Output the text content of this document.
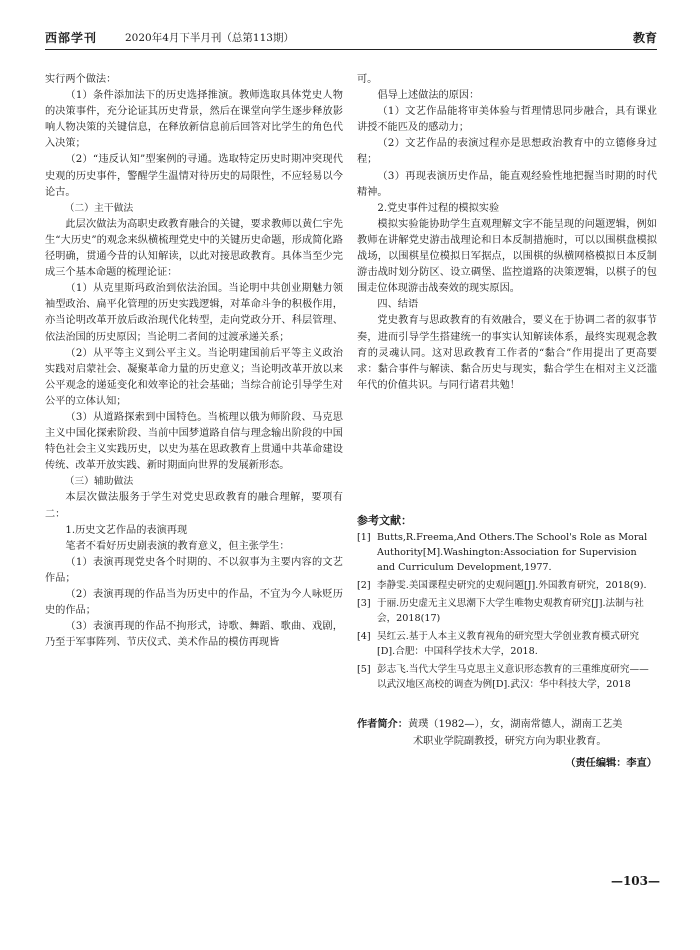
西部学刊	2020年4月下半月刊（总第113期）	教育

实行两个做法：

（1）条件添加法下的历史选择推演。教师选取具体党史人物的决策事件，充分论证其历史背景，然后在课堂向学生逐步释放影响人物决策的关键信息，在释放新信息前后回答对比学生的角色代入决策；

（2）“违反认知”型案例的寻通。选取特定历史时期冲突现代史观的历史事件，警醒学生温情对待历史的局限性，不应轻易以今论古。

（二）主干做法

此层次做法为高职史政教育融合的关键，要求教师以黄仁宇先生“大历史”的观念来纵横梳理党史中的关键历史命题，形成简化路径明确，贯通今昔的认知解读，以此对接思政教育。具体当至少完成三个基本命题的梳理论证：

（1）从克里斯玛政治到依法治国。当论明中共创业期魅力领袖型政治、扁平化管理的历史实践逻辑，对革命斗争的积极作用，亦当论明改革开放后政治现代化转型，走向党政分开、科层管理、依法治国的历史原因；当论明二者间的过渡承递关系；

（2）从平等主义到公平主义。当论明建国前后平等主义政治实践对启蒙社会、凝聚革命力量的历史意义；当论明改革开放以来公平观念的递延变化和效率论的社会基础；当综合前论引导学生对公平的立体认知；

（3）从道路探索到中国特色。当梳理以俄为师阶段、马克思主义中国化探索阶段、当前中国梦道路自信与理念输出阶段的中国特色社会主义实践历史，以史为基在思政教育上贯通中共革命建设传统、改革开放实践、新时期面向世界的发展新形态。

（三）辅助做法

本层次做法服务于学生对党史思政教育的融合理解，要项有二：

1.历史文艺作品的表演再现

笔者不看好历史剧表演的教育意义，但主张学生：

（1）表演再现党史各个时期的、不以叙事为主要内容的文艺作品；

（2）表演再现的作品当为历史中的作品，不宜为今人咏贬历史的作品；

（3）表演再现的作品不拘形式，诗歌、舞蹈、歌曲、戏剧，乃至于军事阵列、节庆仪式、美术作品的模仿再现皆

可。

倡导上述做法的原因：

（1）文艺作品能将审美体验与哲理情思同步融合，具有课业讲授不能匹及的感动力；

（2）文艺作品的表演过程亦是思想政治教育中的立德修身过程；

（3）再现表演历史作品，能直观经验性地把握当时期的时代精神。

2.党史事件过程的模拟实验

模拟实验能协助学生直观理解文字不能呈现的问题逻辑，例如教师在讲解党史游击战理论和日本反制措施时，可以以围棋盘模拟战场，以围棋星位模拟日军据点，以围棋的纵横网格模拟日本反制游击战时划分防区、设立碉堡、监控道路的决策逻辑，以棋子的包围走位体现游击战奏效的现实原因。

四、结语

党史教育与思政教育的有效融合，要义在于协调二者的叙事节奏，进而引导学生搭建统一的事实认知解读体系，最终实现观念教育的灵魂认同。这对思政教育工作者的“黏合”作用提出了更高要求：黏合事件与解读、黏合历史与现实，黏合学生在相对主义泛滥年代的价值共识。与同行诸君共勉！

参考文献：
[1] Butts,R.Freema,And Others.The School's Role as Moral Authority[M].Washington:Association for Supervision and Curriculum Development,1977.
[2] 李静雯.美国课程史研究的史观问题[J].外国教育研究，2018(9).
[3] 于丽.历史虚无主义思潮下大学生唯物史观教育研究[J].法制与社会，2018(17)
[4] 吴红云.基于人本主义教育视角的研究型大学创业教育模式研究[D].合肥：中国科学技术大学，2018.
[5] 彭志飞.当代大学生马克思主义意识形态教育的三重维度研究——以武汉地区高校的调查为例[D].武汉：华中科技大学，2018
作者简介：黄璞（1982—），女，湖南常德人，湖南工艺美
术职业学院副教授，研究方向为职业教育。
（责任编辑：李直）
—103—
